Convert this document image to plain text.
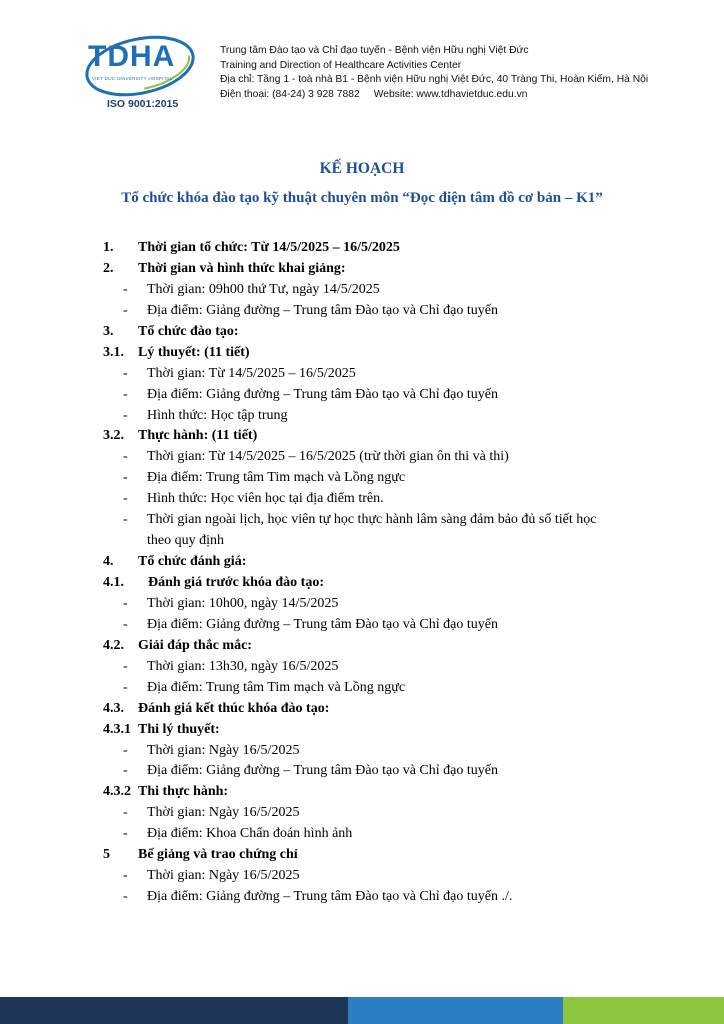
TDHA
VIET DUC UNIVERSITY HOSPITAL
ISO 9001:2015
Trung tâm Đào tạo và Chỉ đạo tuyến - Bệnh viện Hữu nghị Việt Đức
Training and Direction of Healthcare Activities Center
Địa chỉ: Tầng 1 - toà nhà B1 - Bệnh viện Hữu nghị Việt Đức, 40 Tràng Thi, Hoàn Kiếm, Hà Nội
Điện thoại: (84-24) 3 928 7882 Website: www.tdhavietduc.edu.vn
KẾ HOẠCH
Tổ chức khóa đào tạo kỹ thuật chuyên môn “Đọc điện tâm đồ cơ bản – K1”
1. Thời gian tổ chức: Từ 14/5/2025 – 16/5/2025
2. Thời gian và hình thức khai giảng:
- Thời gian: 09h00 thứ Tư, ngày 14/5/2025
- Địa điểm: Giảng đường – Trung tâm Đào tạo và Chỉ đạo tuyến
3. Tổ chức đào tạo:
3.1. Lý thuyết: (11 tiết)
- Thời gian: Từ 14/5/2025 – 16/5/2025
- Địa điểm: Giảng đường – Trung tâm Đào tạo và Chỉ đạo tuyến
- Hình thức: Học tập trung
3.2. Thực hành: (11 tiết)
- Thời gian: Từ 14/5/2025 – 16/5/2025 (trừ thời gian ôn thi và thi)
- Địa điểm: Trung tâm Tim mạch và Lồng ngực
- Hình thức: Học viên học tại địa điểm trên.
- Thời gian ngoài lịch, học viên tự học thực hành lâm sàng đảm bảo đủ số tiết học
theo quy định
4. Tổ chức đánh giá:
4.1. Đánh giá trước khóa đào tạo:
- Thời gian: 10h00, ngày 14/5/2025
- Địa điểm: Giảng đường – Trung tâm Đào tạo và Chỉ đạo tuyến
4.2. Giải đáp thắc mắc:
- Thời gian: 13h30, ngày 16/5/2025
- Địa điểm: Trung tâm Tim mạch và Lồng ngực
4.3. Đánh giá kết thúc khóa đào tạo:
4.3.1 Thi lý thuyết:
- Thời gian: Ngày 16/5/2025
- Địa điểm: Giảng đường – Trung tâm Đào tạo và Chỉ đạo tuyến
4.3.2 Thi thực hành:
- Thời gian: Ngày 16/5/2025
- Địa điểm: Khoa Chẩn đoán hình ảnh
5 Bế giảng và trao chứng chỉ
- Thời gian: Ngày 16/5/2025
- Địa điểm: Giảng đường – Trung tâm Đào tạo và Chỉ đạo tuyến ./.
